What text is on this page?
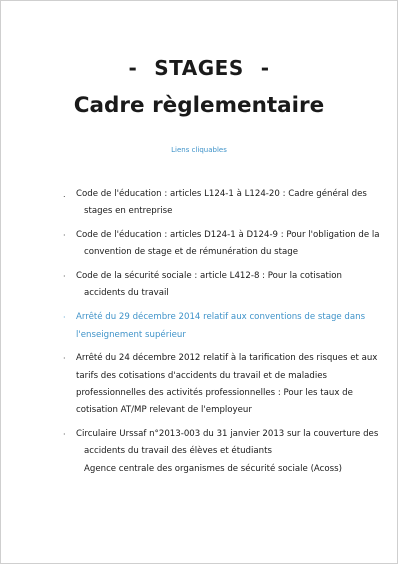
- STAGES -
Cadre règlementaire
Liens cliquables
.	Code de l'éducation : articles L124-1 à L124-20 : Cadre général des
stages en entreprise
·	Code de l'éducation : articles D124-1 à D124-9 : Pour l'obligation de la
convention de stage et de rémunération du stage
·	Code de la sécurité sociale : article L412-8 : Pour la cotisation
accidents du travail
·	Arrêté du 29 décembre 2014 relatif aux conventions de stage dans
l'enseignement supérieur
·	Arrêté du 24 décembre 2012 relatif à la tarification des risques et aux
tarifs des cotisations d'accidents du travail et de maladies
professionnelles des activités professionnelles : Pour les taux de
cotisation AT/MP relevant de l'employeur
·	Circulaire Urssaf n°2013-003 du 31 janvier 2013 sur la couverture des
accidents du travail des élèves et étudiants
Agence centrale des organismes de sécurité sociale (Acoss)
